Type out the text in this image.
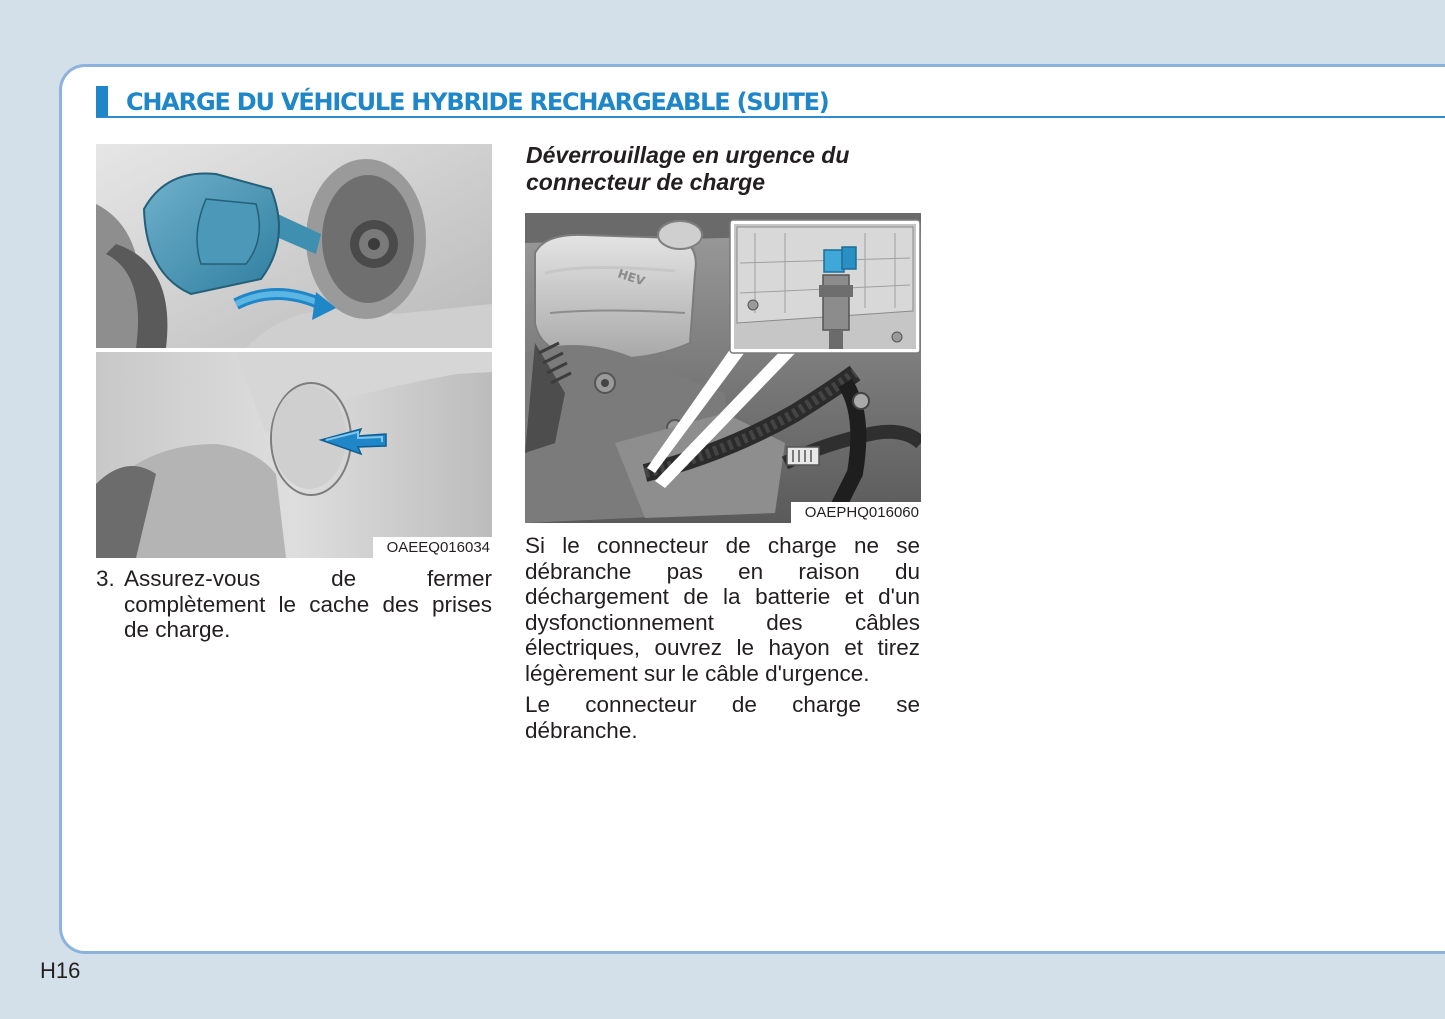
CHARGE DU VÉHICULE HYBRIDE RECHARGEABLE (SUITE)
OAEEQ016034
3. Assurez-vous de fermer complètement le cache des prises de charge.
Déverrouillage en urgence du connecteur de charge
HEV
OAEPHQ016060
Si le connecteur de charge ne se débranche pas en raison du déchargement de la batterie et d'un dysfonctionnement des câbles électriques, ouvrez le hayon et tirez légèrement sur le câble d'urgence.
Le connecteur de charge se débranche.
H16
